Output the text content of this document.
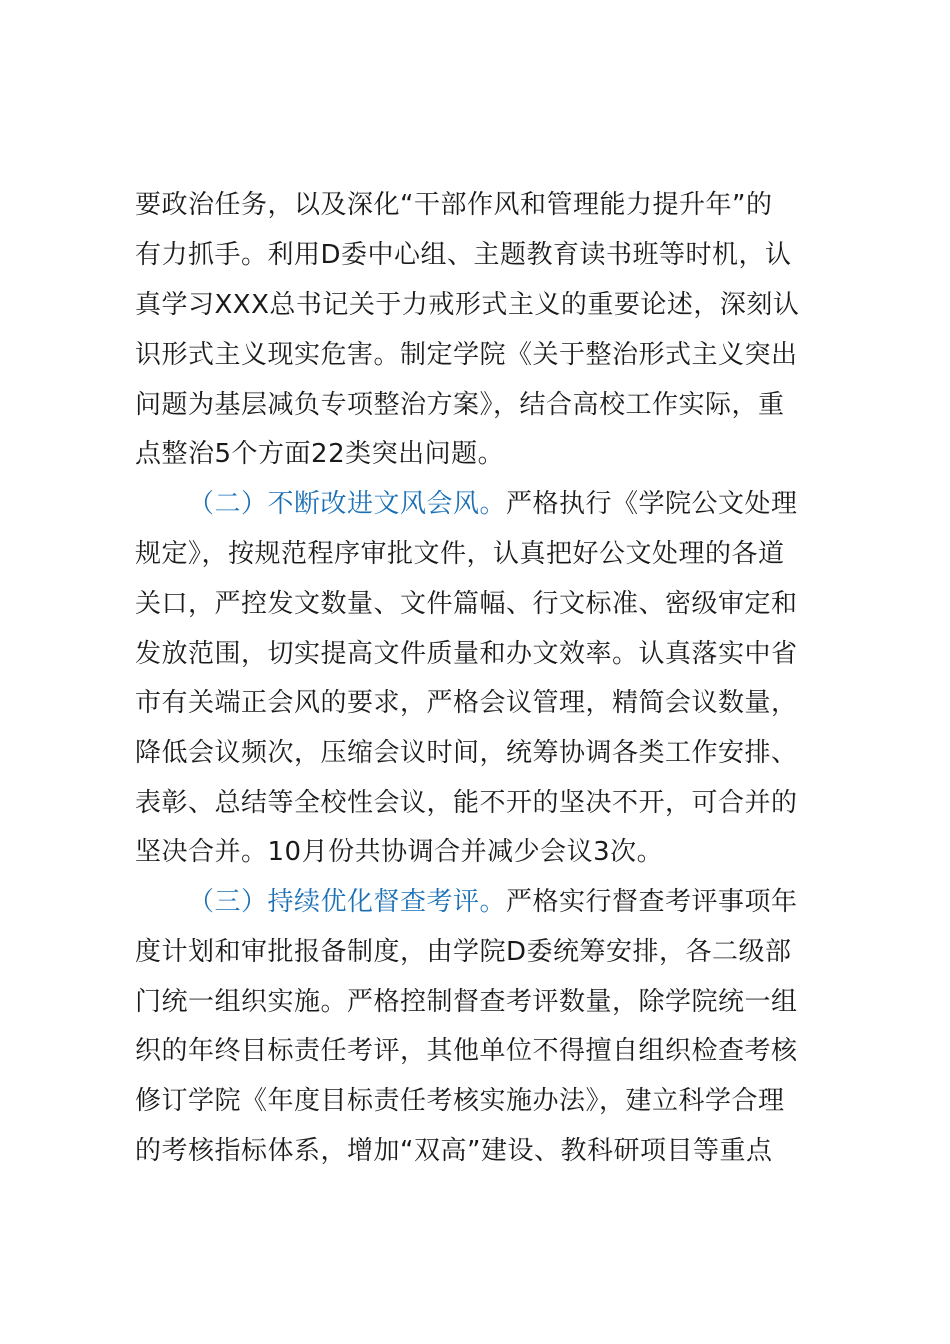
要政治任务，以及深化“干部作风和管理能力提升年”的
有力抓手。利用D委中心组、主题教育读书班等时机，认
真学习XXX总书记关于力戒形式主义的重要论述，深刻认
识形式主义现实危害。制定学院《关于整治形式主义突出
问题为基层减负专项整治方案》，结合高校工作实际，重
点整治5个方面22类突出问题。
（二）不断改进文风会风。严格执行《学院公文处理
规定》，按规范程序审批文件，认真把好公文处理的各道
关口，严控发文数量、文件篇幅、行文标准、密级审定和
发放范围，切实提高文件质量和办文效率。认真落实中省
市有关端正会风的要求，严格会议管理，精简会议数量，
降低会议频次，压缩会议时间，统筹协调各类工作安排、
表彰、总结等全校性会议，能不开的坚决不开，可合并的
坚决合并。10月份共协调合并减少会议3次。
（三）持续优化督查考评。严格实行督查考评事项年
度计划和审批报备制度，由学院D委统筹安排，各二级部
门统一组织实施。严格控制督查考评数量，除学院统一组
织的年终目标责任考评，其他单位不得擅自组织检查考核
修订学院《年度目标责任考核实施办法》，建立科学合理
的考核指标体系，增加“双高”建设、教科研项目等重点
